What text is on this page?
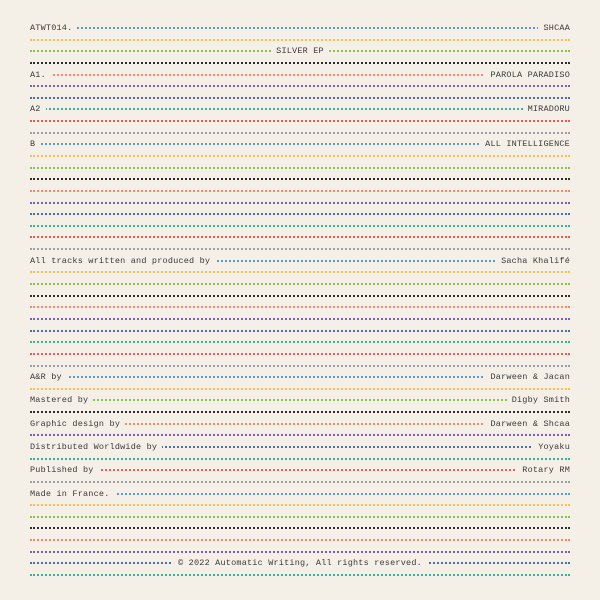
ATWT014.	SHCAA
SILVER EP
A1.	PAROLA PARADISO
A2	MIRADORU
B	ALL INTELLIGENCE
All tracks written and produced by	Sacha Khalifé
A&R by	Darween & Jacan
Mastered by	Digby Smith
Graphic design by	Darween & Shcaa
Distributed Worldwide by	Yoyaku
Published by	Rotary RM
Made in France.
© 2022 Automatic Writing, All rights reserved.
